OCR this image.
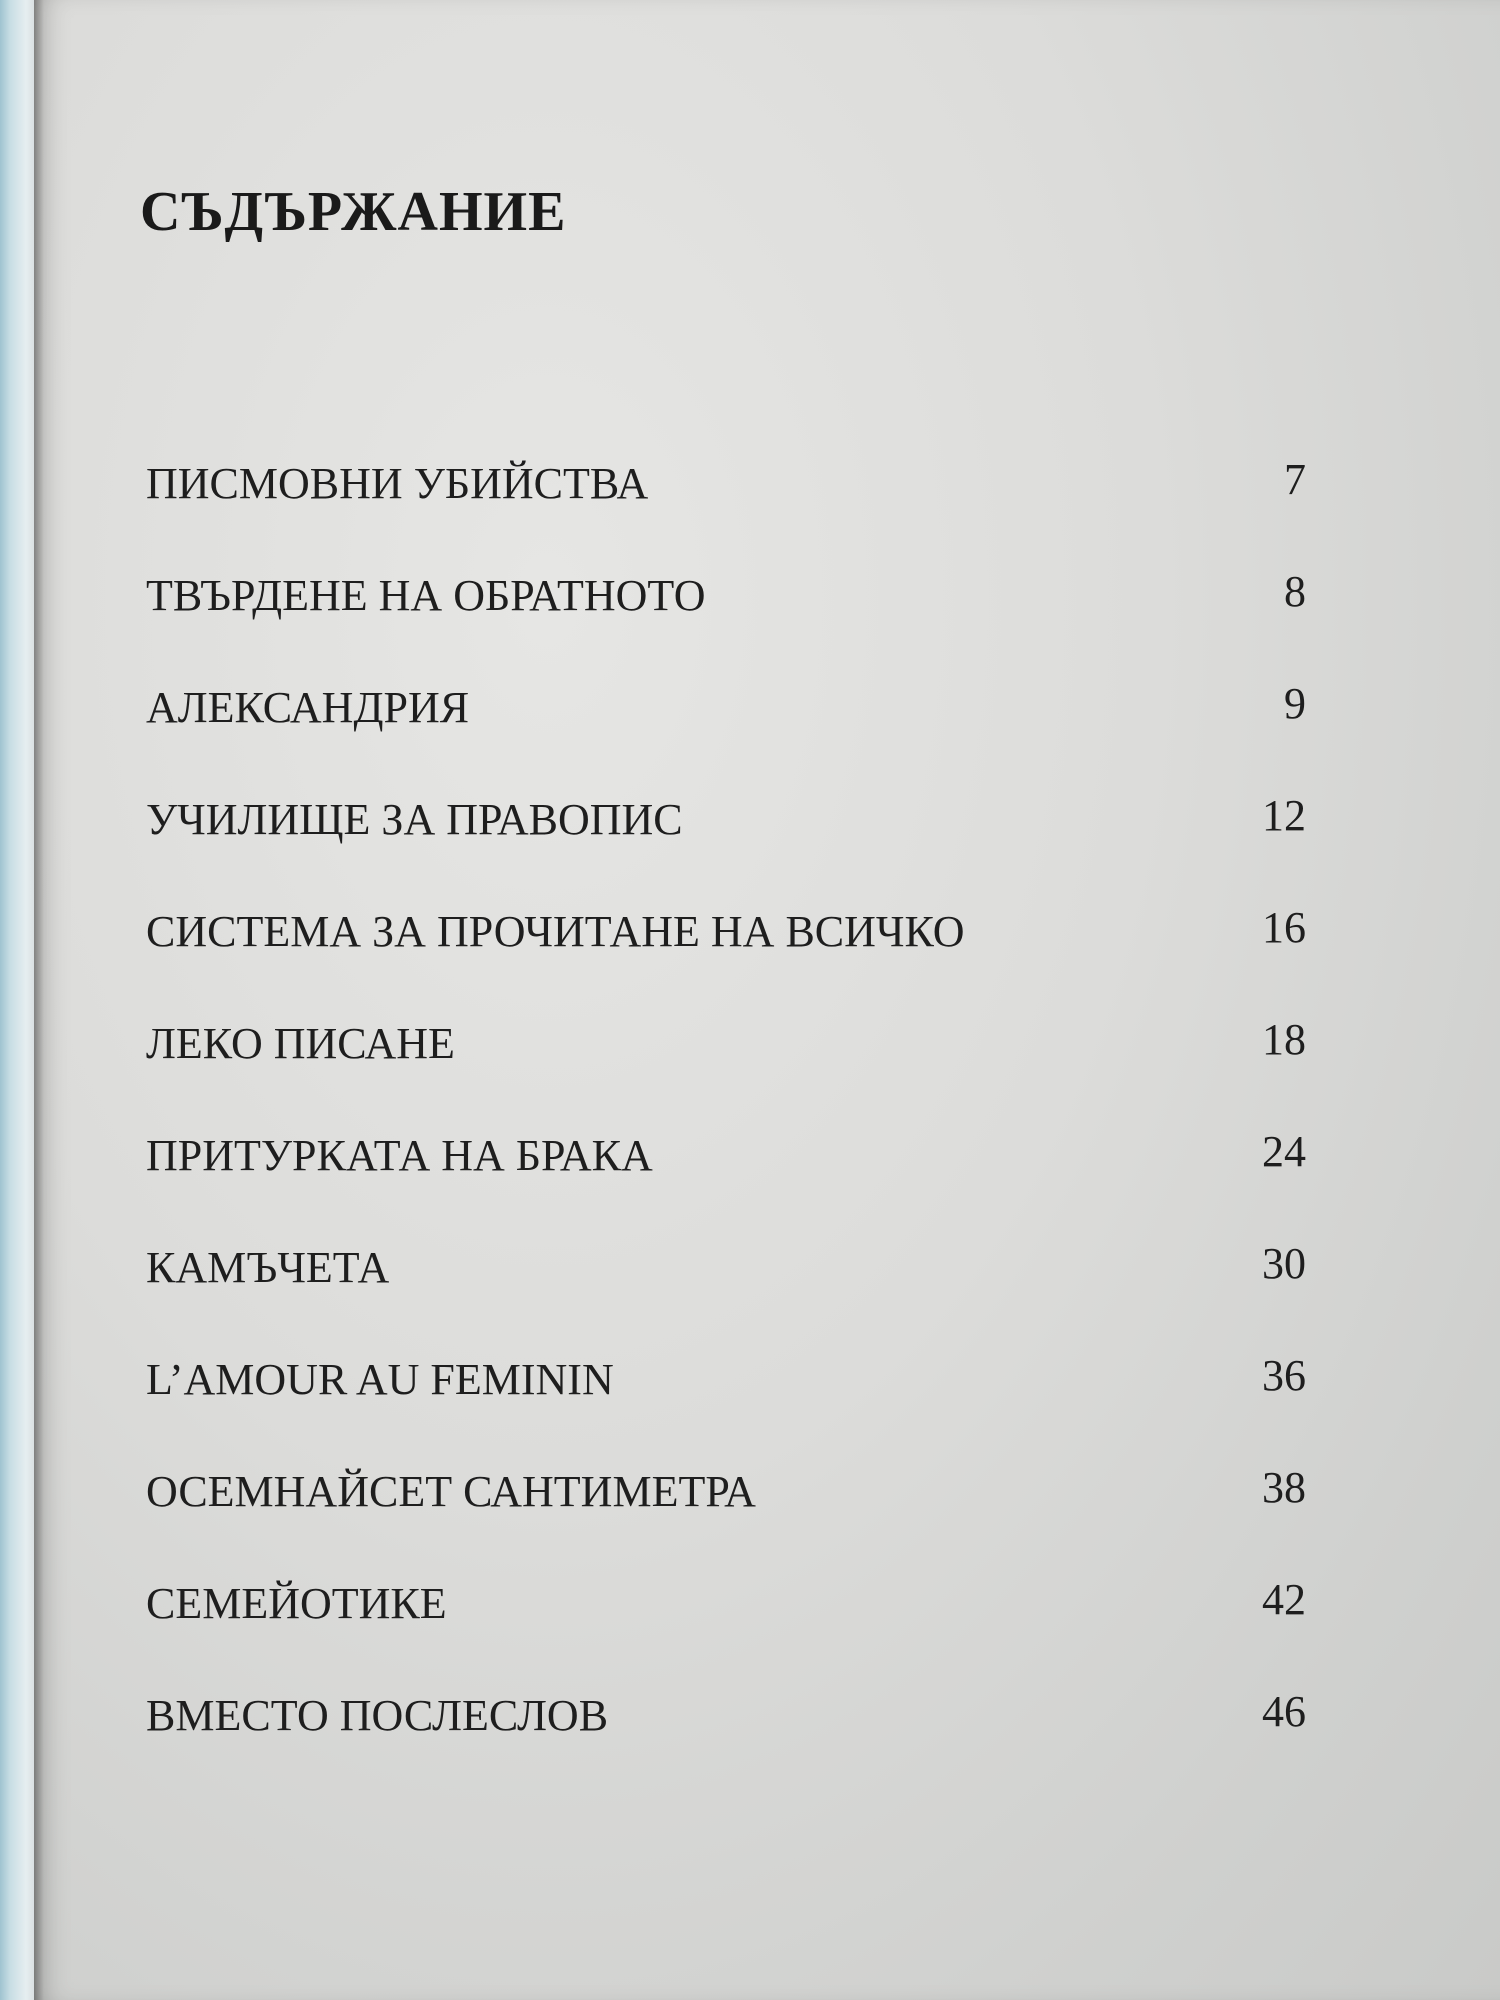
СЪДЪРЖАНИЕ
ПИСМОВНИ УБИЙСТВА	7
ТВЪРДЕНЕ НА ОБРАТНОТО	8
АЛЕКСАНДРИЯ	9
УЧИЛИЩЕ ЗА ПРАВОПИС	12
СИСТЕМА ЗА ПРОЧИТАНЕ НА ВСИЧКО	16
ЛЕКО ПИСАНЕ	18
ПРИТУРКАТА НА БРАКА	24
КАМЪЧЕТА	30
L’AMOUR AU FEMININ	36
ОСЕМНАЙСЕТ САНТИМЕТРА	38
СЕМЕЙОТИКЕ	42
ВМЕСТО ПОСЛЕСЛОВ	46
